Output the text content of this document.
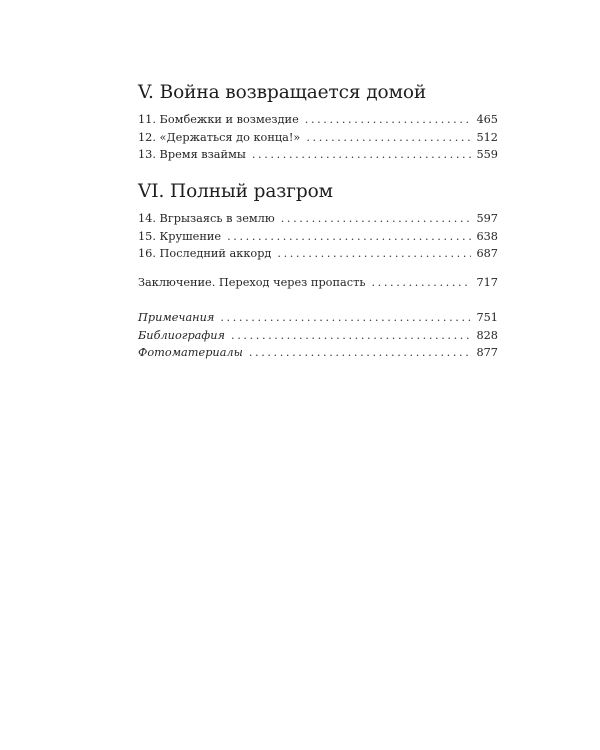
V. Война возвращается домой
11. Бомбежки и возмездие . . .	465
12. «Держаться до конца!» . . .	512
13. Время взаймы . . .	559
VI. Полный разгром
14. Вгрызаясь в землю . . .	597
15. Крушение . . .	638
16. Последний аккорд . . .	687
Заключение. Переход через пропасть . . .	717
Примечания . . .	751
Библиография . . .	828
Фотоматериалы . . .	877
